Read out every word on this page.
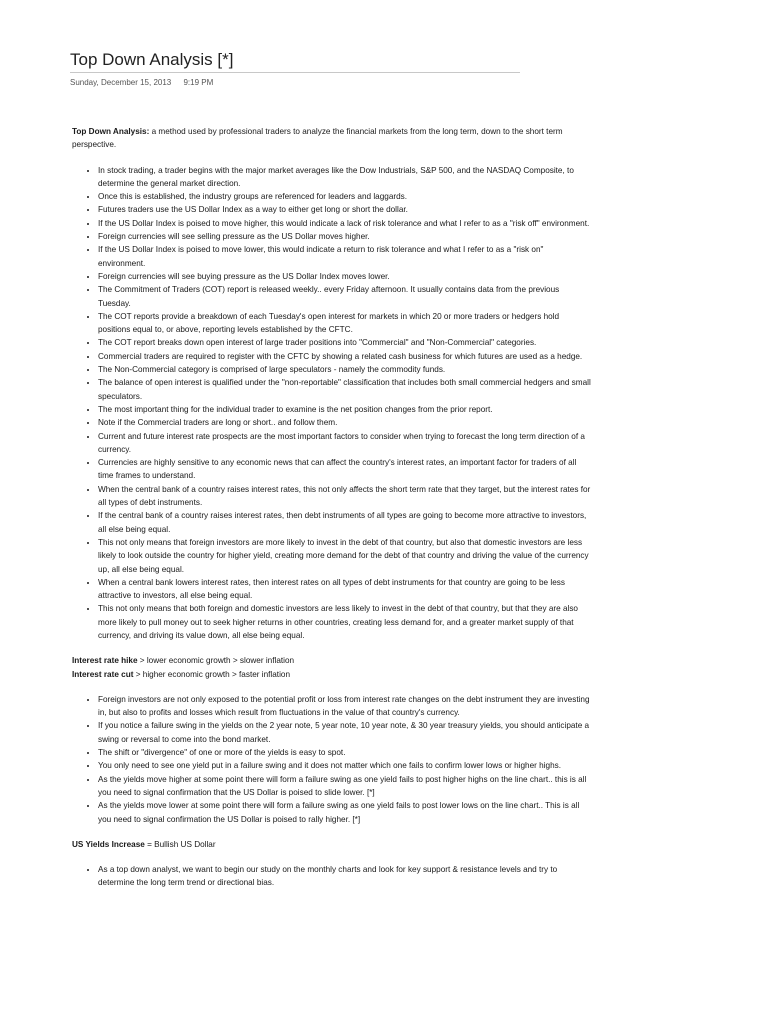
Top Down Analysis [*]
Sunday, December 15, 2013 9:19 PM

Top Down Analysis: a method used by professional traders to analyze the financial markets from the long term, down to the short term perspective.

• In stock trading, a trader begins with the major market averages like the Dow Industrials, S&P 500, and the NASDAQ Composite, to determine the general market direction.
• Once this is established, the industry groups are referenced for leaders and laggards.
• Futures traders use the US Dollar Index as a way to either get long or short the dollar.
• If the US Dollar Index is poised to move higher, this would indicate a lack of risk tolerance and what I refer to as a "risk off" environment.
• Foreign currencies will see selling pressure as the US Dollar moves higher.
• If the US Dollar Index is poised to move lower, this would indicate a return to risk tolerance and what I refer to as a "risk on" environment.
• Foreign currencies will see buying pressure as the US Dollar Index moves lower.
• The Commitment of Traders (COT) report is released weekly.. every Friday afternoon. It usually contains data from the previous Tuesday.
• The COT reports provide a breakdown of each Tuesday's open interest for markets in which 20 or more traders or hedgers hold positions equal to, or above, reporting levels established by the CFTC.
• The COT report breaks down open interest of large trader positions into "Commercial" and "Non-Commercial" categories.
• Commercial traders are required to register with the CFTC by showing a related cash business for which futures are used as a hedge.
• The Non-Commercial category is comprised of large speculators - namely the commodity funds.
• The balance of open interest is qualified under the "non-reportable" classification that includes both small commercial hedgers and small speculators.
• The most important thing for the individual trader to examine is the net position changes from the prior report.
• Note if the Commercial traders are long or short.. and follow them.
• Current and future interest rate prospects are the most important factors to consider when trying to forecast the long term direction of a currency.
• Currencies are highly sensitive to any economic news that can affect the country's interest rates, an important factor for traders of all time frames to understand.
• When the central bank of a country raises interest rates, this not only affects the short term rate that they target, but the interest rates for all types of debt instruments.
• If the central bank of a country raises interest rates, then debt instruments of all types are going to become more attractive to investors, all else being equal.
• This not only means that foreign investors are more likely to invest in the debt of that country, but also that domestic investors are less likely to look outside the country for higher yield, creating more demand for the debt of that country and driving the value of the currency up, all else being equal.
• When a central bank lowers interest rates, then interest rates on all types of debt instruments for that country are going to be less attractive to investors, all else being equal.
• This not only means that both foreign and domestic investors are less likely to invest in the debt of that country, but that they are also more likely to pull money out to seek higher returns in other countries, creating less demand for, and a greater market supply of that currency, and driving its value down, all else being equal.

Interest rate hike > lower economic growth > slower inflation

Interest rate cut > higher economic growth > faster inflation

• Foreign investors are not only exposed to the potential profit or loss from interest rate changes on the debt instrument they are investing in, but also to profits and losses which result from fluctuations in the value of that country's currency.
• If you notice a failure swing in the yields on the 2 year note, 5 year note, 10 year note, & 30 year treasury yields, you should anticipate a swing or reversal to come into the bond market.
• The shift or "divergence" of one or more of the yields is easy to spot.
• You only need to see one yield put in a failure swing and it does not matter which one fails to confirm lower lows or higher highs.
• As the yields move higher at some point there will form a failure swing as one yield fails to post higher highs on the line chart.. this is all you need to signal confirmation that the US Dollar is poised to slide lower. [*]
• As the yields move lower at some point there will form a failure swing as one yield fails to post lower lows on the line chart.. This is all you need to signal confirmation the US Dollar is poised to rally higher. [*]

US Yields Increase = Bullish US Dollar

• As a top down analyst, we want to begin our study on the monthly charts and look for key support & resistance levels and try to determine the long term trend or directional bias.
